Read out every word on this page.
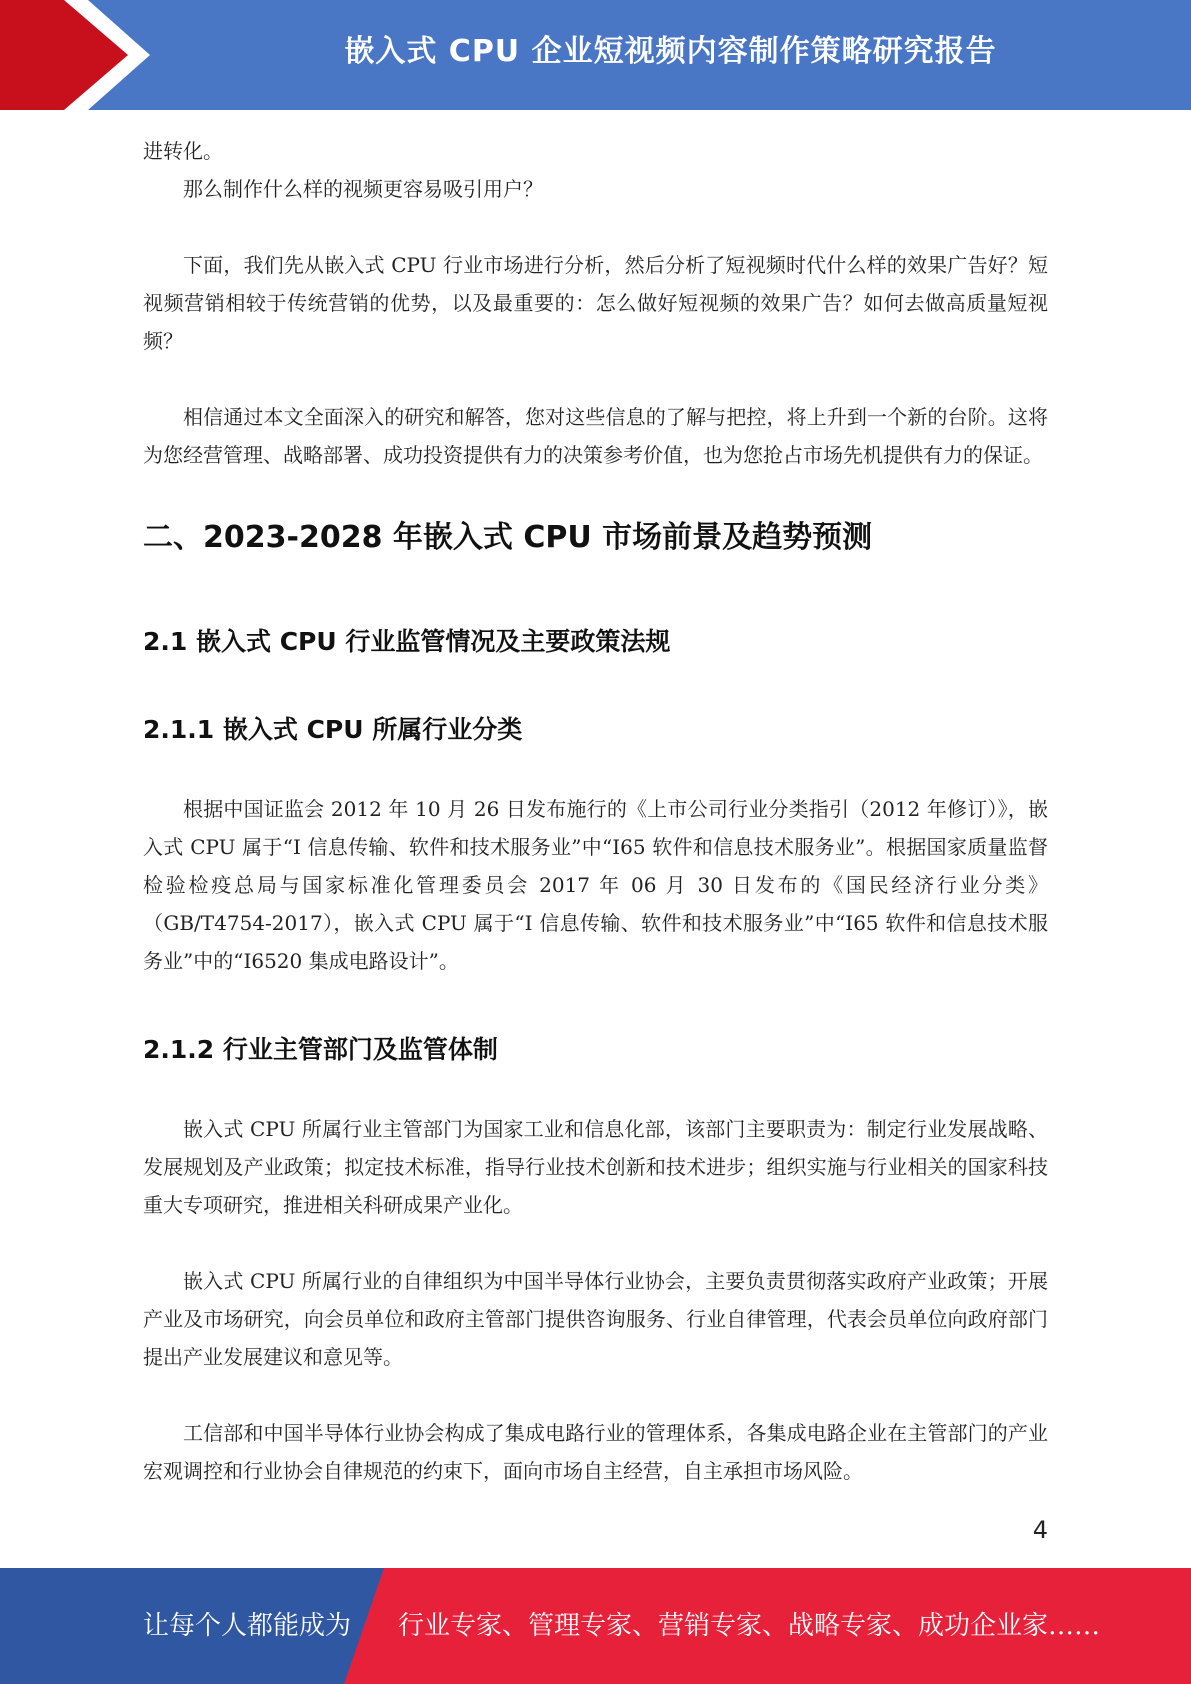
嵌入式 CPU 企业短视频内容制作策略研究报告

进转化。

那么制作什么样的视频更容易吸引用户？

下面，我们先从嵌入式 CPU 行业市场进行分析，然后分析了短视频时代什么样的效果广告好？短视频营销相较于传统营销的优势，以及最重要的：怎么做好短视频的效果广告？如何去做高质量短视频？

相信通过本文全面深入的研究和解答，您对这些信息的了解与把控，将上升到一个新的台阶。这将为您经营管理、战略部署、成功投资提供有力的决策参考价值，也为您抢占市场先机提供有力的保证。

二、2023-2028 年嵌入式 CPU 市场前景及趋势预测
2.1 嵌入式 CPU 行业监管情况及主要政策法规
2.1.1 嵌入式 CPU 所属行业分类

根据中国证监会 2012 年 10 月 26 日发布施行的《上市公司行业分类指引（2012 年修订）》，嵌入式 CPU 属于“I 信息传输、软件和技术服务业”中“I65 软件和信息技术服务业”。根据国家质量监督检验检疫总局与国家标准化管理委员会 2017 年 06 月 30 日发布的《国民经济行业分类》（GB/T4754-2017），嵌入式 CPU 属于“I 信息传输、软件和技术服务业”中“I65 软件和信息技术服务业”中的“I6520 集成电路设计”。

2.1.2 行业主管部门及监管体制

嵌入式 CPU 所属行业主管部门为国家工业和信息化部，该部门主要职责为：制定行业发展战略、发展规划及产业政策；拟定技术标准，指导行业技术创新和技术进步；组织实施与行业相关的国家科技重大专项研究，推进相关科研成果产业化。

嵌入式 CPU 所属行业的自律组织为中国半导体行业协会，主要负责贯彻落实政府产业政策；开展产业及市场研究，向会员单位和政府主管部门提供咨询服务、行业自律管理，代表会员单位向政府部门提出产业发展建议和意见等。

工信部和中国半导体行业协会构成了集成电路行业的管理体系，各集成电路企业在主管部门的产业宏观调控和行业协会自律规范的约束下，面向市场自主经营，自主承担市场风险。

4
让每个人都能成为 行业专家、管理专家、营销专家、战略专家、成功企业家……
